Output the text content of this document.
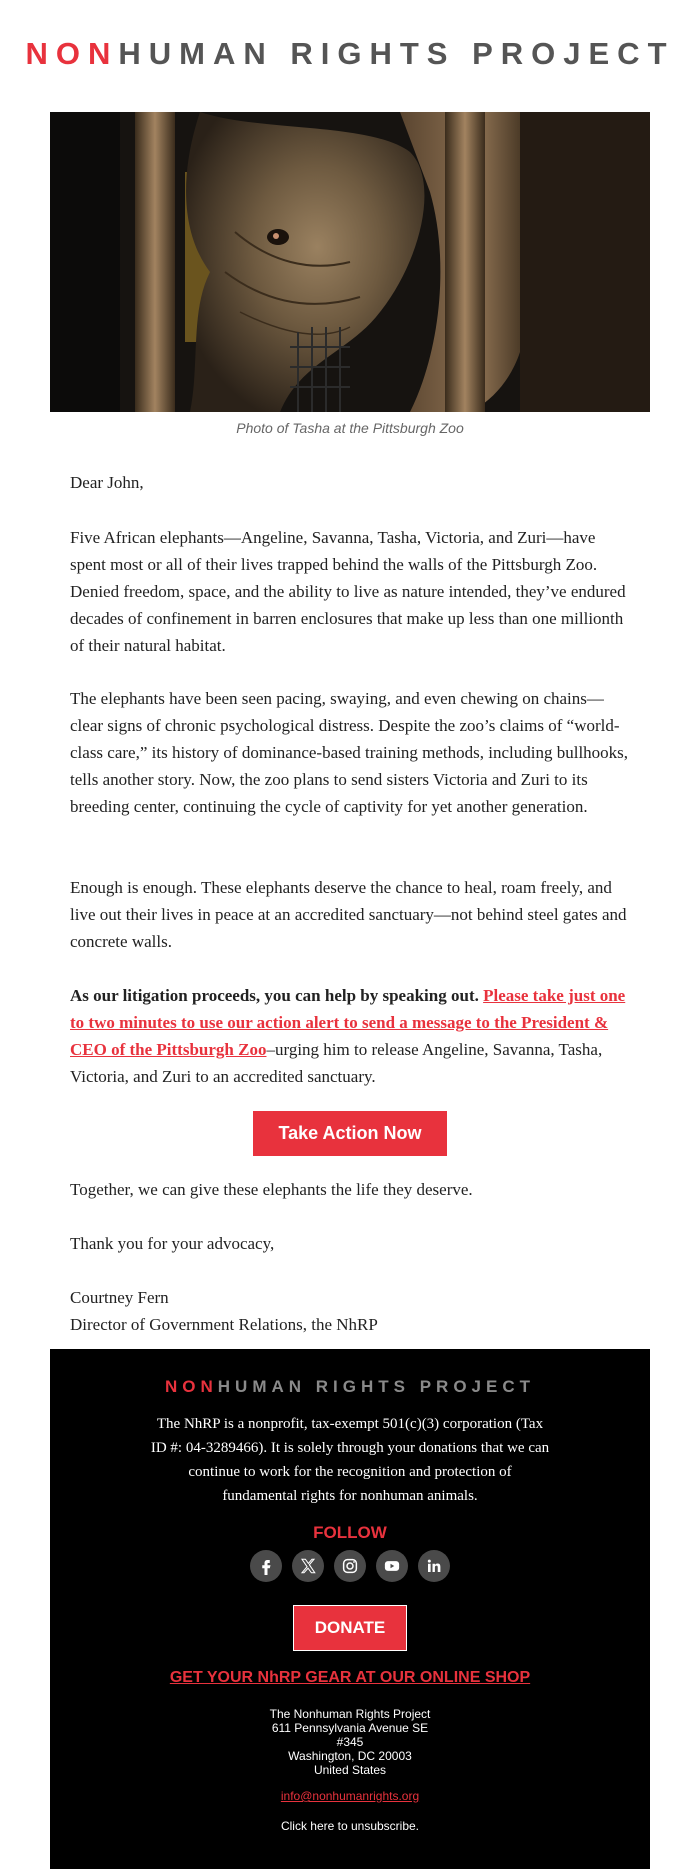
NONHUMAN RIGHTS PROJECT
Photo of Tasha at the Pittsburgh Zoo

Dear John,

Five African elephants—Angeline, Savanna, Tasha, Victoria, and Zuri—have spent most or all of their lives trapped behind the walls of the Pittsburgh Zoo. Denied freedom, space, and the ability to live as nature intended, they’ve endured decades of confinement in barren enclosures that make up less than one millionth of their natural habitat.

The elephants have been seen pacing, swaying, and even chewing on chains—clear signs of chronic psychological distress. Despite the zoo’s claims of “world-class care,” its history of dominance-based training methods, including bullhooks, tells another story. Now, the zoo plans to send sisters Victoria and Zuri to its breeding center, continuing the cycle of captivity for yet another generation.

Enough is enough. These elephants deserve the chance to heal, roam freely, and live out their lives in peace at an accredited sanctuary—not behind steel gates and concrete walls.

As our litigation proceeds, you can help by speaking out. Please take just one to two minutes to use our action alert to send a message to the President & CEO of the Pittsburgh Zoo–urging him to release Angeline, Savanna, Tasha, Victoria, and Zuri to an accredited sanctuary.

Take Action Now

Together, we can give these elephants the life they deserve.

Thank you for your advocacy,

Courtney Fern

Director of Government Relations, the NhRP

NONHUMAN RIGHTS PROJECT
The NhRP is a nonprofit, tax-exempt 501(c)(3) corporation (Tax ID #: 04-3289466). It is solely through your donations that we can continue to work for the recognition and protection of fundamental rights for nonhuman animals.
FOLLOW
DONATE
GET YOUR NhRP GEAR AT OUR ONLINE SHOP
The Nonhuman Rights Project
611 Pennsylvania Avenue SE
#345
Washington, DC 20003
United States
info@nonhumanrights.org
Click here to unsubscribe.
